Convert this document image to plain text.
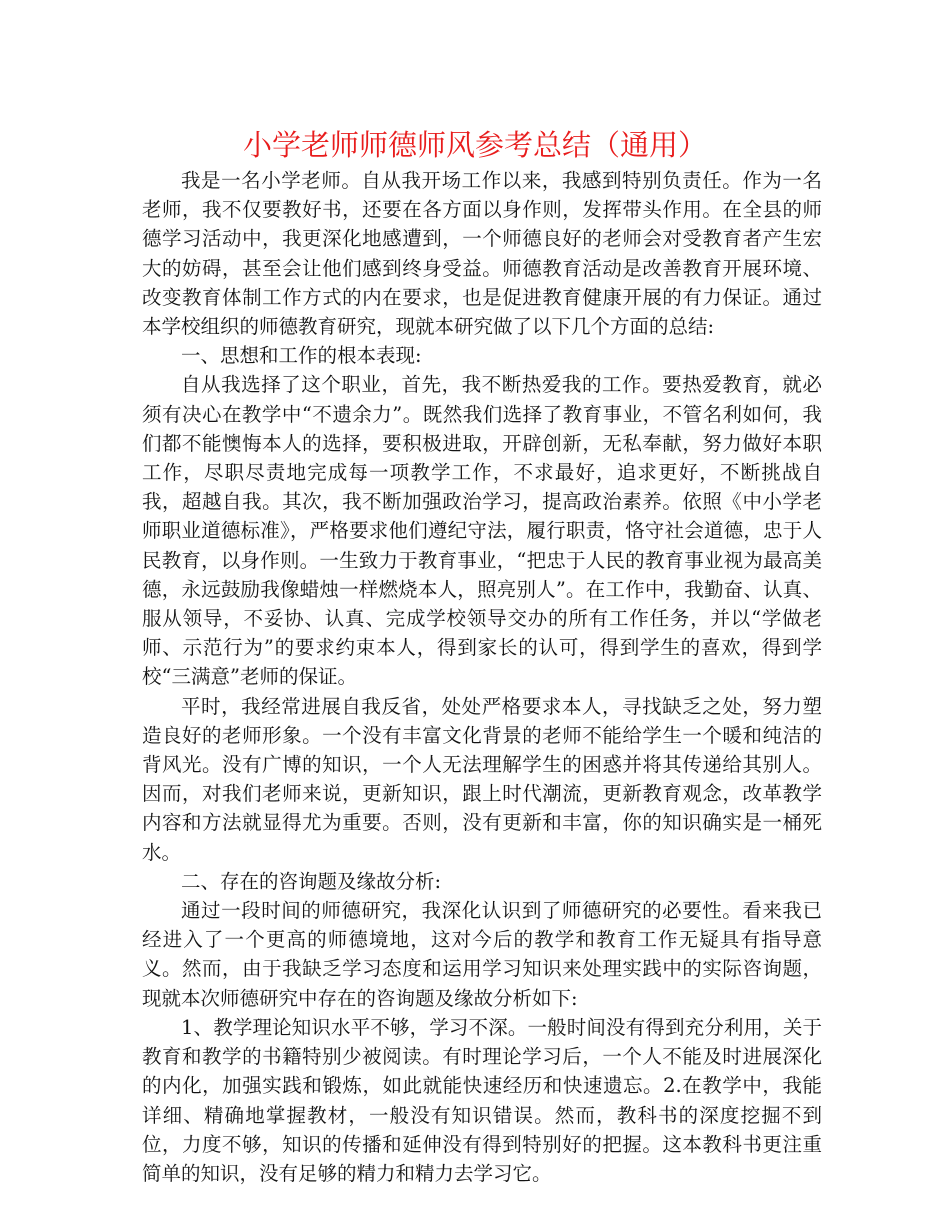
小学老师师德师风参考总结（通用）

我是一名小学老师。自从我开场工作以来，我感到特别负责任。作为一名老师，我不仅要教好书，还要在各方面以身作则，发挥带头作用。在全县的师德学习活动中，我更深化地感遭到，一个师德良好的老师会对受教育者产生宏大的妨碍，甚至会让他们感到终身受益。师德教育活动是改善教育开展环境、改变教育体制工作方式的内在要求，也是促进教育健康开展的有力保证。通过本学校组织的师德教育研究，现就本研究做了以下几个方面的总结:

一、思想和工作的根本表现:

自从我选择了这个职业，首先，我不断热爱我的工作。要热爱教育，就必须有决心在教学中“不遗余力”。既然我们选择了教育事业，不管名利如何，我们都不能懊悔本人的选择，要积极进取，开辟创新，无私奉献，努力做好本职工作，尽职尽责地完成每一项教学工作，不求最好，追求更好，不断挑战自我，超越自我。其次，我不断加强政治学习，提高政治素养。依照《中小学老师职业道德标准》，严格要求他们遵纪守法，履行职责，恪守社会道德，忠于人民教育，以身作则。一生致力于教育事业，“把忠于人民的教育事业视为最高美德，永远鼓励我像蜡烛一样燃烧本人，照亮别人”。在工作中，我勤奋、认真、服从领导，不妥协、认真、完成学校领导交办的所有工作任务，并以“学做老师、示范行为”的要求约束本人，得到家长的认可，得到学生的喜欢，得到学校“三满意”老师的保证。

平时，我经常进展自我反省，处处严格要求本人，寻找缺乏之处，努力塑造良好的老师形象。一个没有丰富文化背景的老师不能给学生一个暖和纯洁的背风光。没有广博的知识，一个人无法理解学生的困惑并将其传递给其别人。因而，对我们老师来说，更新知识，跟上时代潮流，更新教育观念，改革教学内容和方法就显得尤为重要。否则，没有更新和丰富，你的知识确实是一桶死水。

二、存在的咨询题及缘故分析:

通过一段时间的师德研究，我深化认识到了师德研究的必要性。看来我已经进入了一个更高的师德境地，这对今后的教学和教育工作无疑具有指导意义。然而，由于我缺乏学习态度和运用学习知识来处理实践中的实际咨询题，现就本次师德研究中存在的咨询题及缘故分析如下:

1、教学理论知识水平不够，学习不深。一般时间没有得到充分利用，关于教育和教学的书籍特别少被阅读。有时理论学习后，一个人不能及时进展深化的内化，加强实践和锻炼，如此就能快速经历和快速遗忘。2.在教学中，我能详细、精确地掌握教材，一般没有知识错误。然而，教科书的深度挖掘不到位，力度不够，知识的传播和延伸没有得到特别好的把握。这本教科书更注重简单的知识，没有足够的精力和精力去学习它。
